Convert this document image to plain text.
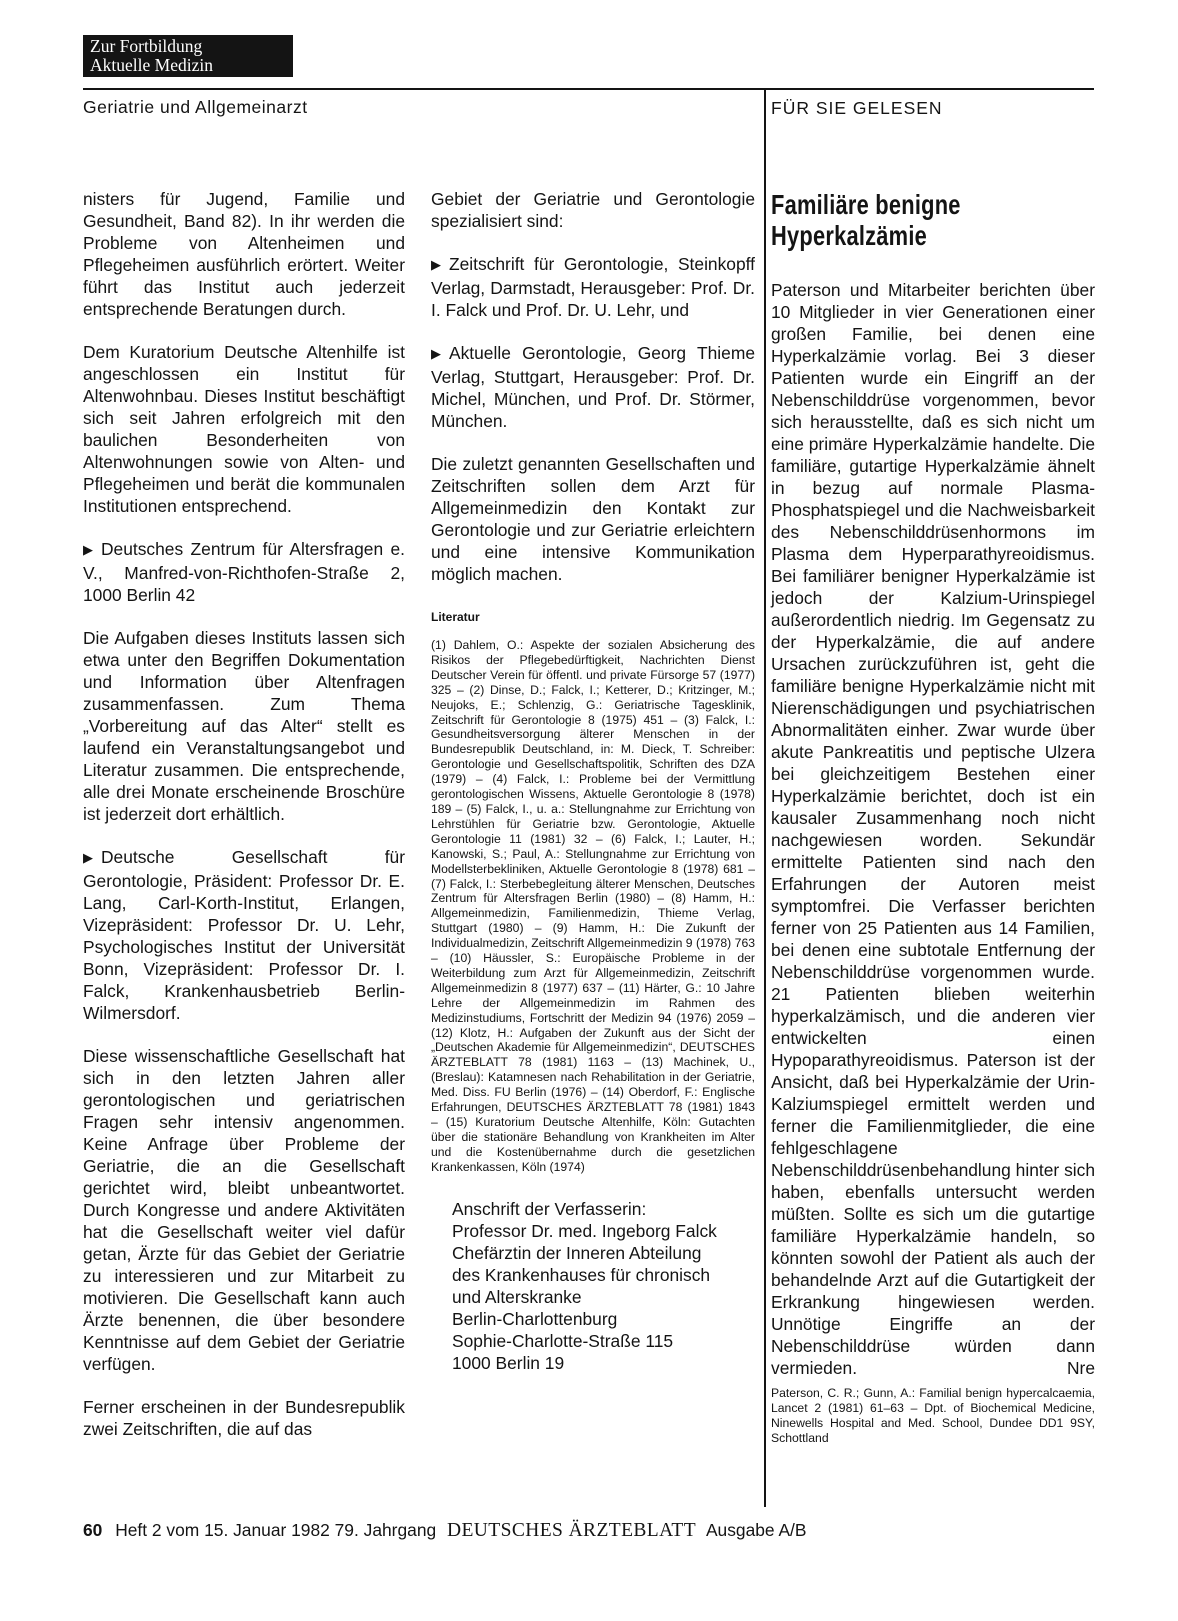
Zur Fortbildung
Aktuelle Medizin
Geriatrie und Allgemeinarzt	FÜR SIE GELESEN

nisters für Jugend, Familie und Gesundheit, Band 82). In ihr werden die Probleme von Altenheimen und Pflegeheimen ausführlich erörtert. Weiter führt das Institut auch jederzeit entsprechende Beratungen durch.

Dem Kuratorium Deutsche Altenhilfe ist angeschlossen ein Institut für Altenwohnbau. Dieses Institut beschäftigt sich seit Jahren erfolgreich mit den baulichen Besonderheiten von Altenwohnungen sowie von Alten- und Pflegeheimen und berät die kommunalen Institutionen entsprechend.

▶ Deutsches Zentrum für Altersfragen e. V., Manfred-von-Richthofen-Straße 2, 1000 Berlin 42

Die Aufgaben dieses Instituts lassen sich etwa unter den Begriffen Dokumentation und Information über Altenfragen zusammenfassen. Zum Thema „Vorbereitung auf das Alter“ stellt es laufend ein Veranstaltungsangebot und Literatur zusammen. Die entsprechende, alle drei Monate erscheinende Broschüre ist jederzeit dort erhältlich.

▶ Deutsche Gesellschaft für Gerontologie, Präsident: Professor Dr. E. Lang, Carl-Korth-Institut, Erlangen, Vizepräsident: Professor Dr. U. Lehr, Psychologisches Institut der Universität Bonn, Vizepräsident: Professor Dr. I. Falck, Krankenhausbetrieb Berlin-Wilmersdorf.

Diese wissenschaftliche Gesellschaft hat sich in den letzten Jahren aller gerontologischen und geriatrischen Fragen sehr intensiv angenommen. Keine Anfrage über Probleme der Geriatrie, die an die Gesellschaft gerichtet wird, bleibt unbeantwortet. Durch Kongresse und andere Aktivitäten hat die Gesellschaft weiter viel dafür getan, Ärzte für das Gebiet der Geriatrie zu interessieren und zur Mitarbeit zu motivieren. Die Gesellschaft kann auch Ärzte benennen, die über besondere Kenntnisse auf dem Gebiet der Geriatrie verfügen.

Ferner erscheinen in der Bundesrepublik zwei Zeitschriften, die auf das

Gebiet der Geriatrie und Gerontologie spezialisiert sind:

▶ Zeitschrift für Gerontologie, Steinkopff Verlag, Darmstadt, Herausgeber: Prof. Dr. I. Falck und Prof. Dr. U. Lehr, und

▶ Aktuelle Gerontologie, Georg Thieme Verlag, Stuttgart, Herausgeber: Prof. Dr. Michel, München, und Prof. Dr. Störmer, München.

Die zuletzt genannten Gesellschaften und Zeitschriften sollen dem Arzt für Allgemeinmedizin den Kontakt zur Gerontologie und zur Geriatrie erleichtern und eine intensive Kommunikation möglich machen.

Literatur
(1) Dahlem, O.: Aspekte der sozialen Absicherung des Risikos der Pflegebedürftigkeit, Nachrichten Dienst Deutscher Verein für öffentl. und private Fürsorge 57 (1977) 325 – (2) Dinse, D.; Falck, I.; Ketterer, D.; Kritzinger, M.; Neujoks, E.; Schlenzig, G.: Geriatrische Tagesklinik, Zeitschrift für Gerontologie 8 (1975) 451 – (3) Falck, I.: Gesundheitsversorgung älterer Menschen in der Bundesrepublik Deutschland, in: M. Dieck, T. Schreiber: Gerontologie und Gesellschaftspolitik, Schriften des DZA (1979) – (4) Falck, I.: Probleme bei der Vermittlung gerontologischen Wissens, Aktuelle Gerontologie 8 (1978) 189 – (5) Falck, I., u. a.: Stellungnahme zur Errichtung von Lehrstühlen für Geriatrie bzw. Gerontologie, Aktuelle Gerontologie 11 (1981) 32 – (6) Falck, I.; Lauter, H.; Kanowski, S.; Paul, A.: Stellungnahme zur Errichtung von Modellsterbekliniken, Aktuelle Gerontologie 8 (1978) 681 – (7) Falck, I.: Sterbebegleitung älterer Menschen, Deutsches Zentrum für Altersfragen Berlin (1980) – (8) Hamm, H.: Allgemeinmedizin, Familienmedizin, Thieme Verlag, Stuttgart (1980) – (9) Hamm, H.: Die Zukunft der Individualmedizin, Zeitschrift Allgemeinmedizin 9 (1978) 763 – (10) Häussler, S.: Europäische Probleme in der Weiterbildung zum Arzt für Allgemeinmedizin, Zeitschrift Allgemeinmedizin 8 (1977) 637 – (11) Härter, G.: 10 Jahre Lehre der Allgemeinmedizin im Rahmen des Medizinstudiums, Fortschritt der Medizin 94 (1976) 2059 – (12) Klotz, H.: Aufgaben der Zukunft aus der Sicht der „Deutschen Akademie für Allgemeinmedizin“, DEUTSCHES ÄRZTEBLATT 78 (1981) 1163 – (13) Machinek, U., (Breslau): Katamnesen nach Rehabilitation in der Geriatrie, Med. Diss. FU Berlin (1976) – (14) Oberdorf, F.: Englische Erfahrungen, DEUTSCHES ÄRZTEBLATT 78 (1981) 1843 – (15) Kuratorium Deutsche Altenhilfe, Köln: Gutachten über die stationäre Behandlung von Krankheiten im Alter und die Kostenübernahme durch die gesetzlichen Krankenkassen, Köln (1974)
Anschrift der Verfasserin:
Professor Dr. med. Ingeborg Falck
Chefärztin der Inneren Abteilung
des Krankenhauses für chronisch
und Alterskranke
Berlin-Charlottenburg
Sophie-Charlotte-Straße 115
1000 Berlin 19
Familiäre benigne
Hyperkalzämie

Paterson und Mitarbeiter berichten über 10 Mitglieder in vier Generationen einer großen Familie, bei denen eine Hyperkalzämie vorlag. Bei 3 dieser Patienten wurde ein Eingriff an der Nebenschilddrüse vorgenommen, bevor sich herausstellte, daß es sich nicht um eine primäre Hyperkalzämie handelte. Die familiäre, gutartige Hyperkalzämie ähnelt in bezug auf normale Plasma-Phosphatspiegel und die Nachweisbarkeit des Nebenschilddrüsenhormons im Plasma dem Hyperparathyreoidismus. Bei familiärer benigner Hyperkalzämie ist jedoch der Kalzium-Urinspiegel außerordentlich niedrig. Im Gegensatz zu der Hyperkalzämie, die auf andere Ursachen zurückzuführen ist, geht die familiäre benigne Hyperkalzämie nicht mit Nierenschädigungen und psychiatrischen Abnormalitäten einher. Zwar wurde über akute Pankreatitis und peptische Ulzera bei gleichzeitigem Bestehen einer Hyperkalzämie berichtet, doch ist ein kausaler Zusammenhang noch nicht nachgewiesen worden. Sekundär ermittelte Patienten sind nach den Erfahrungen der Autoren meist symptomfrei. Die Verfasser berichten ferner von 25 Patienten aus 14 Familien, bei denen eine subtotale Entfernung der Nebenschilddrüse vorgenommen wurde. 21 Patienten blieben weiterhin hyperkalzämisch, und die anderen vier entwickelten einen Hypoparathyreoidismus. Paterson ist der Ansicht, daß bei Hyperkalzämie der Urin-Kalziumspiegel ermittelt werden und ferner die Familienmitglieder, die eine fehlgeschlagene Nebenschilddrüsenbehandlung hinter sich haben, ebenfalls untersucht werden müßten. Sollte es sich um die gutartige familiäre Hyperkalzämie handeln, so könnten sowohl der Patient als auch der behandelnde Arzt auf die Gutartigkeit der Erkrankung hingewiesen werden. Unnötige Eingriffe an der Nebenschilddrüse würden dann vermieden.	Nre

Paterson, C. R.; Gunn, A.: Familial benign hypercalcaemia, Lancet 2 (1981) 61–63 – Dpt. of Biochemical Medicine, Ninewells Hospital and Med. School, Dundee DD1 9SY, Schottland
60 Heft 2 vom 15. Januar 1982 79. Jahrgang DEUTSCHES ÄRZTEBLATT Ausgabe A/B
